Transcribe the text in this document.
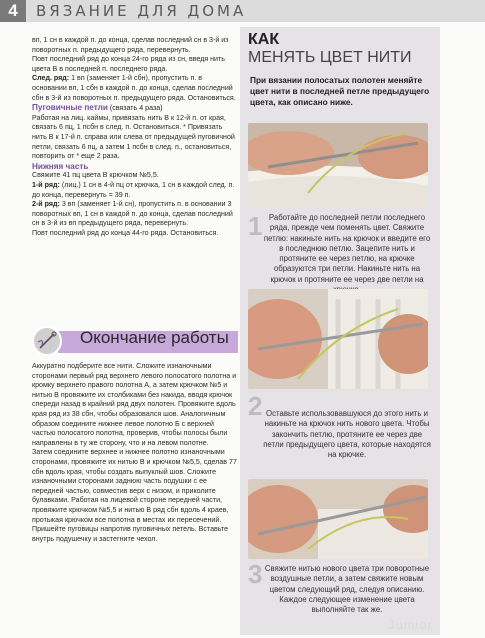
4	ВЯЗАНИЕ ДЛЯ ДОМА

вп, 1 сн в каждой п. до конца, сделав последний сн в 3-й из поворотных п. предыдущего ряда, перевернуть.

Повт последний ряд до конца 24-го ряда из сн, введя нить цвета В в последней п. последнего ряда.

След. ряд: 1 вп (заменяет 1-й сбн), пропустить п. в основании вп, 1 сбн в каждой п. до конца, сделав последний сбн в 3-й из поворотных п. предыдущего ряда. Остановиться.

Пуговичные петли (связать 4 раза)

Работая на лиц. каймы, привязать нить В к 12-й п. от края, связать 6 пц, 1 псбн в след. п. Остановиться. * Привязать нить В к 17-й п. справа или слева от предыдущей пуговичной петли, связать 6 пц, а затем 1 псбн в след. п., остановиться, повторить от * еще 2 раза.

Нижняя часть

Свяжите 41 пц цвета В крючком №5,5.

1-й ряд: (лиц.) 1 сн в 4-й пц от крючка, 1 сн в каждой след. п. до конца, перевернуть = 39 п.

2-й ряд: 3 вп (заменяет 1-й сн), пропустить п. в основании 3 поворотных вп, 1 сн в каждой п. до конца, сделав последний сн в 3-й из вп предыдущего ряда, перевернуть.

Повт последний ряд до конца 44-го ряда. Остановиться.

Окончание работы

Аккуратно подберите все нити. Сложите изнаночными сторонами первый ряд верхнего левого полосатого полотна и кромку верхнего правого полотна А, а затем крючком №5 и нитью В провяжите их столбиками без накида, вводя крючок спереди назад в крайний ряд двух полотен. Провяжите вдоль края ряд из 38 сбн, чтобы образовался шов. Аналогичным образом соедините нижнее левое полотно Б с верхней частью полосатого полотна, проверив, чтобы полосы были направлены в ту же сторону, что и на левом полотне.

Затем соедините верхнее и нижнее полотно изнаночными сторонами, провяжите их нитью В и крючком №5,5, сделав 77 сбн вдоль края, чтобы создать выпуклый шов. Сложите изнаночными сторонами заднюю часть подушки с ее передней частью, совместив верх с низом, и приколите булавками. Работая на лицевой стороне передней части, провяжите крючком №5,5 и нитью В ряд сбн вдоль 4 краев, протыкая крючком все полотна в местах их пересечений. Пришейте пуговицы напротив пуговичных петель. Вставьте внутрь подушечку и застегните чехол.

КАК
МЕНЯТЬ ЦВЕТ НИТИ
При вязании полосатых полотен меняйте цвет нити в последней петле предыдущего цвета, как описано ниже.
1 Работайте до последней петли последнего ряда, прежде чем поменять цвет. Свяжите петлю: накиньте нить на крючок и введите его в последнюю петлю. Зацепите нить и протяните ее через петлю, на крючке образуются три петли. Накиньте нить на крючок и протяните ее через две петли на
2 Оставьте использовавшуюся до этого нить и накиньте на крючок нить нового цвета. Чтобы закончить петлю, протяните ее через две петли предыдущего цвета, которые находятся на крючке.
3 Свяжите нитью нового цвета три поворотные воздушные петли, а затем свяжите новым цветом следующий ряд, следуя описанию. Каждое следующее изменение цвета выполняйте так же.
Jumior
